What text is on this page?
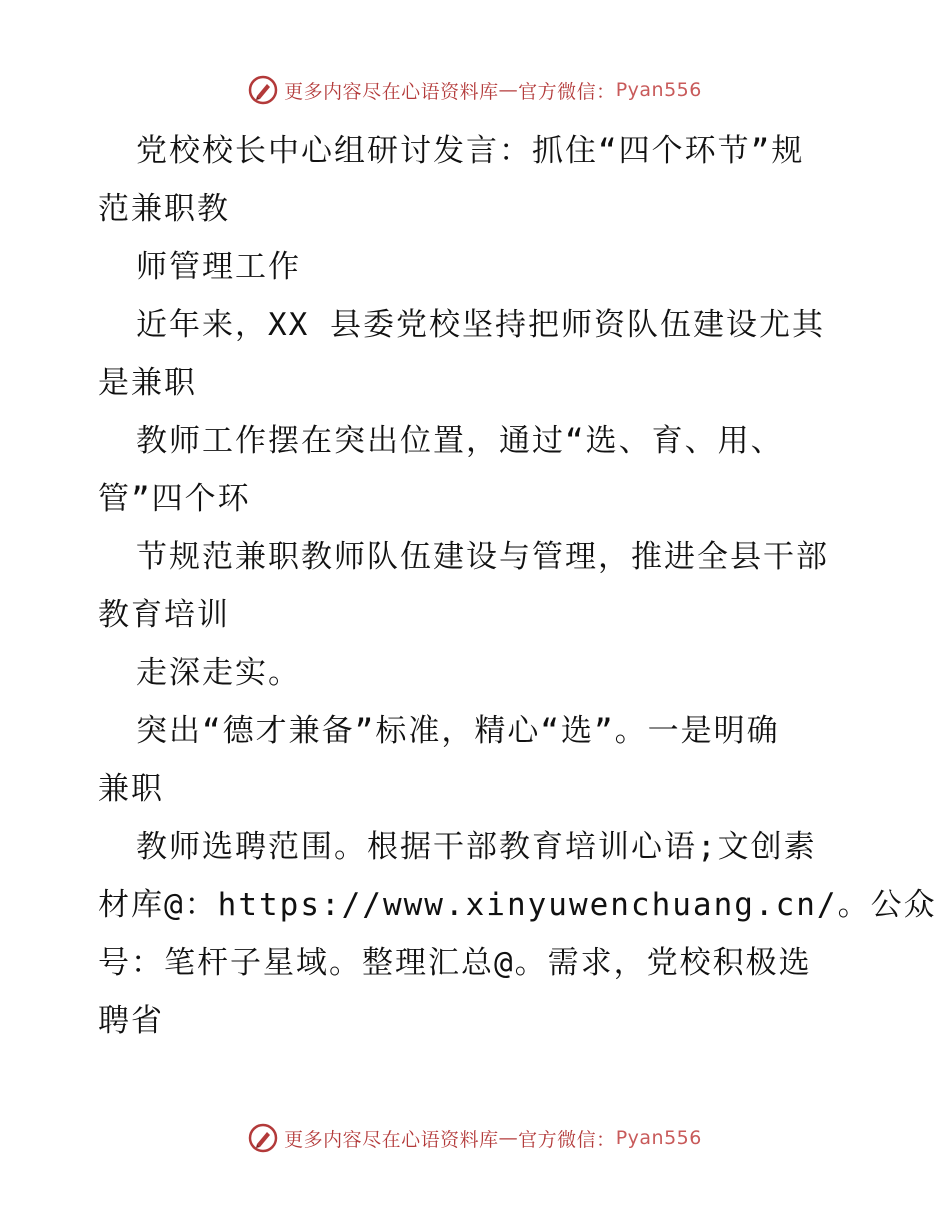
更多内容尽在心语资料库 — 官方微信： Pyan556
党校校长中心组研讨发言：抓住“四个环节”规
范兼职教
师管理工作
近年来，XX 县委党校坚持把师资队伍建设尤其
是兼职
教师工作摆在突出位置，通过“选、育、用、
管”四个环
节规范兼职教师队伍建设与管理，推进全县干部
教育培训
走深走实。
突出“德才兼备”标准，精心“选”。一是明确
兼职
教师选聘范围。根据干部教育培训心语;文创素
材库@：https://www.xinyuwenchuang.cn/。公众
号：笔杆子星域。整理汇总@。需求，党校积极选
聘省
更多内容尽在心语资料库 — 官方微信： Pyan556
